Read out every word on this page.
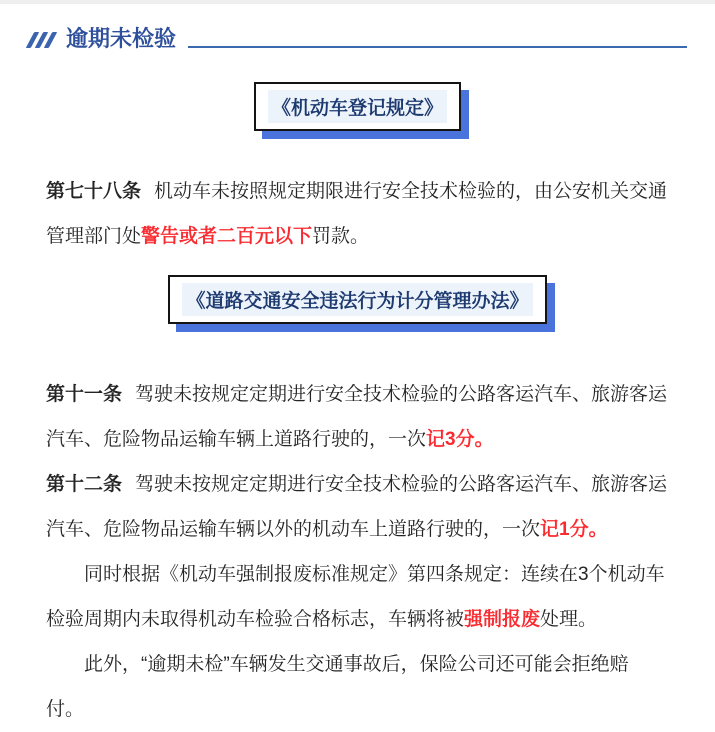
逾期未检验
《机动车登记规定》

第七十八条 机动车未按照规定期限进行安全技术检验的，由公安机关交通
管理部门处警告或者二百元以下罚款。

《道路交通安全违法行为计分管理办法》

第十一条 驾驶未按规定定期进行安全技术检验的公路客运汽车、旅游客运
汽车、危险物品运输车辆上道路行驶的，一次记3分。

第十二条 驾驶未按规定定期进行安全技术检验的公路客运汽车、旅游客运
汽车、危险物品运输车辆以外的机动车上道路行驶的，一次记1分。

同时根据《机动车强制报废标准规定》第四条规定：连续在3个机动车
检验周期内未取得机动车检验合格标志，车辆将被强制报废处理。

此外，“逾期未检”车辆发生交通事故后，保险公司还可能会拒绝赔
付。
